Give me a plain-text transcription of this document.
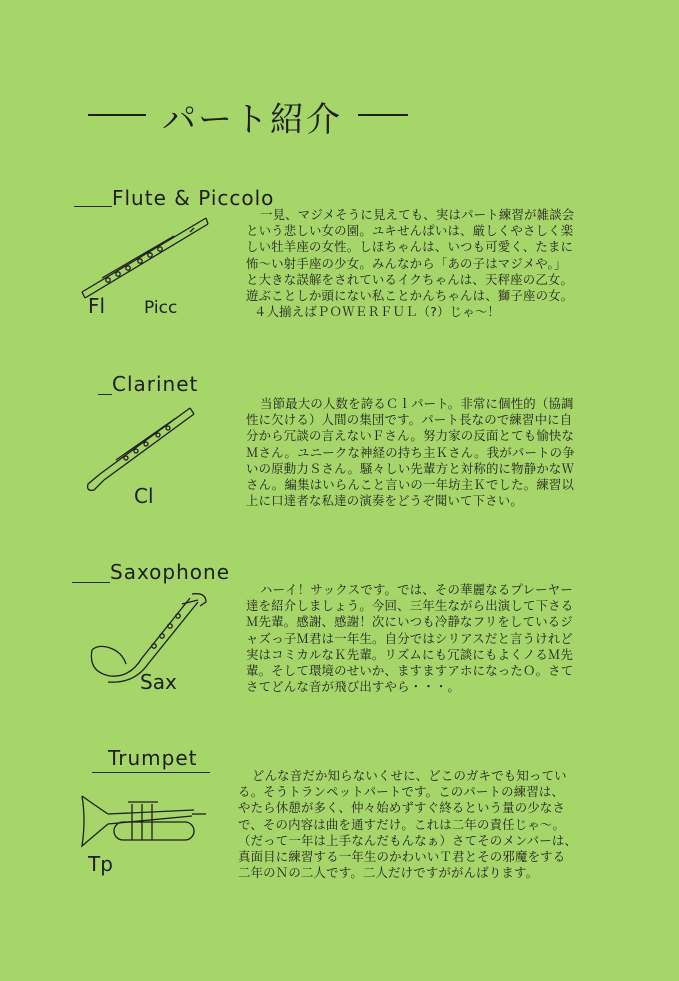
パート紹介
Flute & Piccolo
Fl Picc
一見、マジメそうに見えても、実はパート練習が雑談会
という悲しい女の園。ユキせんぱいは、厳しくやさしく楽
しい牡羊座の女性。しほちゃんは、いつも可愛く、たまに
怖〜い射手座の少女。みんなから「あの子はマジメや。」
と大きな誤解をされているイクちゃんは、天秤座の乙女。
遊ぶことしか頭にない私ことかんちゃんは、獅子座の女。
４人揃えばＰＯＷＥＲＦＵＬ（?）じゃ〜！
Clarinet
Cl
当節最大の人数を誇るＣｌパート。非常に個性的（協調
性に欠ける）人間の集団です。パート長なので練習中に自
分から冗談の言えないＦさん。努力家の反面とても愉快な
Ｍさん。ユニークな神経の持ち主Ｋさん。我がパートの争
いの原動力Ｓさん。騒々しい先輩方と対称的に物静かなＷ
さん。編集はいらんこと言いの一年坊主Ｋでした。練習以
上に口達者な私達の演奏をどうぞ聞いて下さい。
Saxophone
Sax
ハーイ！サックスです。では、その華麗なるプレーヤー
達を紹介しましょう。今回、三年生ながら出演して下さる
Ｍ先輩。感謝、感謝！次にいつも冷静なフリをしているジ
ャズっ子Ｍ君は一年生。自分ではシリアスだと言うけれど
実はコミカルなＫ先輩。リズムにも冗談にもよくノるＭ先
輩。そして環境のせいか、ますますアホになったＯ。さて
さてどんな音が飛び出すやら・・・。
Trumpet
Tp
どんな音だか知らないくせに、どこのガキでも知ってい
る。そうトランペットパートです。このパートの練習は、
やたら休憩が多く、仲々始めずすぐ終るという量の少なさ
で、その内容は曲を通すだけ。これは二年の責任じゃ〜。
（だって一年は上手なんだもんなぁ）さてそのメンバーは、
真面目に練習する一年生のかわいいＴ君とその邪魔をする
二年のＮの二人です。二人だけですががんばります。
